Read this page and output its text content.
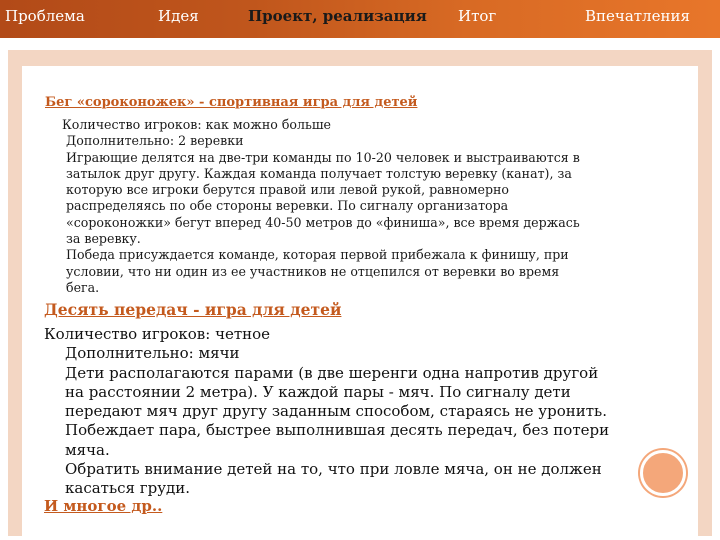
Проблема	Идея	Проект, реализация Итог	Впечатления
Бег «сороконожек» - спортивная игра для детей
Количество игроков: как можно больше
Дополнительно: 2 веревки
Играющие делятся на две-три команды по 10-20 человек и выстраиваются в
затылок друг другу. Каждая команда получает толстую веревку (канат), за
которую все игроки берутся правой или левой рукой, равномерно
распределяясь по обе стороны веревки. По сигналу организатора
«сороконожки» бегут вперед 40-50 метров до «финиша», все время держась
за веревку.
Победа присуждается команде, которая первой прибежала к финишу, при
условии, что ни один из ее участников не отцепился от веревки во время
бега.
Десять передач - игра для детей
Количество игроков: четное
Дополнительно: мячи
Дети располагаются парами (в две шеренги одна напротив другой
на расстоянии 2 метра). У каждой пары - мяч. По сигналу дети
передают мяч друг другу заданным способом, стараясь не уронить.
Побеждает пара, быстрее выполнившая десять передач, без потери
мяча.
Обратить внимание детей на то, что при ловле мяча, он не должен
касаться груди.
И многое др..
